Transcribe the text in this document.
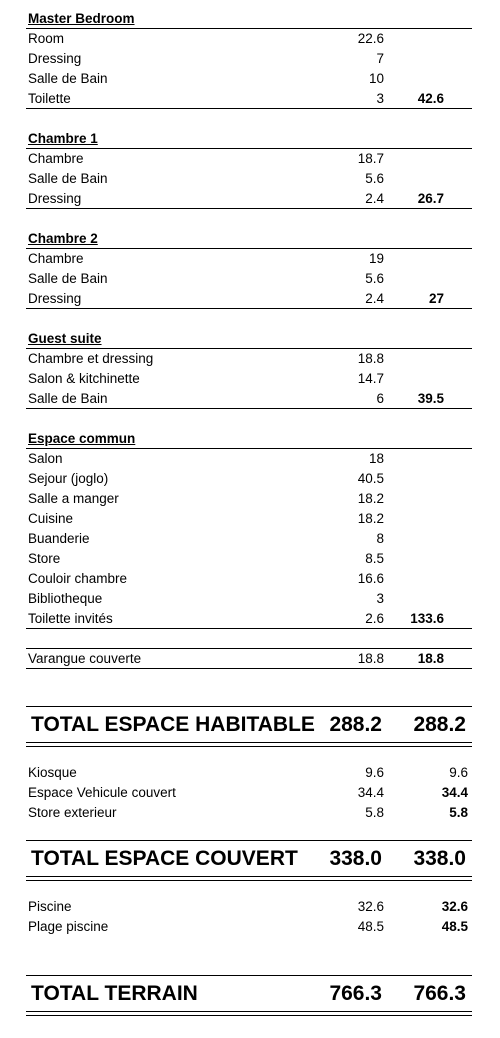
Master Bedroom
Room	22.6
Dressing	7
Salle de Bain	10
Toilette	3	42.6
Chambre 1
Chambre	18.7
Salle de Bain	5.6
Dressing	2.4	26.7
Chambre 2
Chambre	19
Salle de Bain	5.6
Dressing	2.4	27
Guest suite
Chambre et dressing	18.8
Salon & kitchinette	14.7
Salle de Bain	6	39.5
Espace commun
Salon	18
Sejour (joglo)	40.5
Salle a manger	18.2
Cuisine	18.2
Buanderie	8
Store	8.5
Couloir chambre	16.6
Bibliotheque	3
Toilette invités	2.6	133.6
Varangue couverte	18.8	18.8
TOTAL ESPACE HABITABLE 288.2	288.2
Kiosque	9.6	9.6
Espace Vehicule couvert	34.4	34.4
Store exterieur	5.8	5.8
TOTAL ESPACE COUVERT	338.0	338.0
Piscine	32.6	32.6
Plage piscine	48.5	48.5
TOTAL TERRAIN	766.3	766.3
